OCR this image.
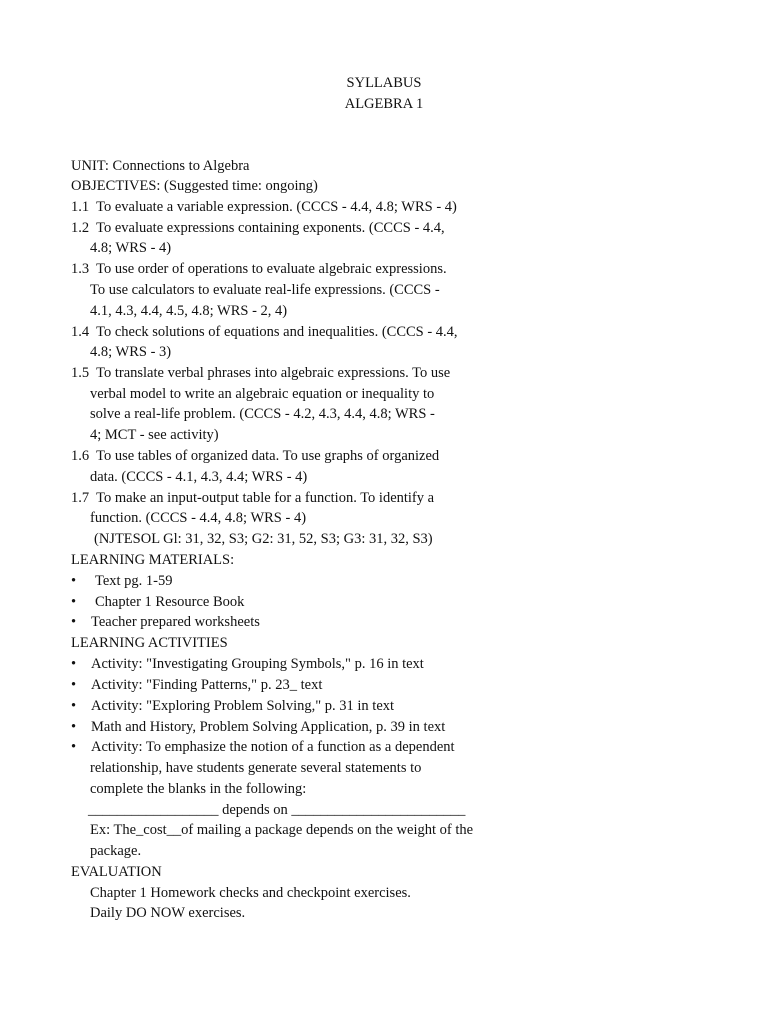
SYLLABUS
ALGEBRA 1
UNIT: Connections to Algebra
OBJECTIVES: (Suggested time: ongoing)
1.1  To evaluate a variable expression. (CCCS - 4.4, 4.8; WRS - 4)
1.2  To evaluate expressions containing exponents. (CCCS - 4.4,
4.8; WRS - 4)
1.3  To use order of operations to evaluate algebraic expressions.
To use calculators to evaluate real-life expressions. (CCCS -
4.1, 4.3, 4.4, 4.5, 4.8; WRS - 2, 4)
1.4  To check solutions of equations and inequalities. (CCCS - 4.4,
4.8; WRS - 3)
1.5  To translate verbal phrases into algebraic expressions. To use
verbal model to write an algebraic equation or inequality to
solve a real-life problem. (CCCS - 4.2, 4.3, 4.4, 4.8; WRS -
4; MCT - see activity)
1.6  To use tables of organized data. To use graphs of organized
data. (CCCS - 4.1, 4.3, 4.4; WRS - 4)
1.7  To make an input-output table for a function. To identify a
function. (CCCS - 4.4, 4.8; WRS - 4)
(NJTESOL Gl: 31, 32, S3; G2: 31, 52, S3; G3: 31, 32, S3)
LEARNING MATERIALS:
• Text pg. 1-59
• Chapter 1 Resource Book
• Teacher prepared worksheets
LEARNING ACTIVITIES
• Activity: "Investigating Grouping Symbols," p. 16 in text
• Activity: "Finding Patterns," p. 23_ text
• Activity: "Exploring Problem Solving," p. 31 in text
• Math and History, Problem Solving Application, p. 39 in text
• Activity: To emphasize the notion of a function as a dependent
relationship, have students generate several statements to
complete the blanks in the following:
__________________ depends on ________________________
Ex: The_cost__of mailing a package depends on the weight of the
package.
EVALUATION
Chapter 1 Homework checks and checkpoint exercises.
Daily DO NOW exercises.
